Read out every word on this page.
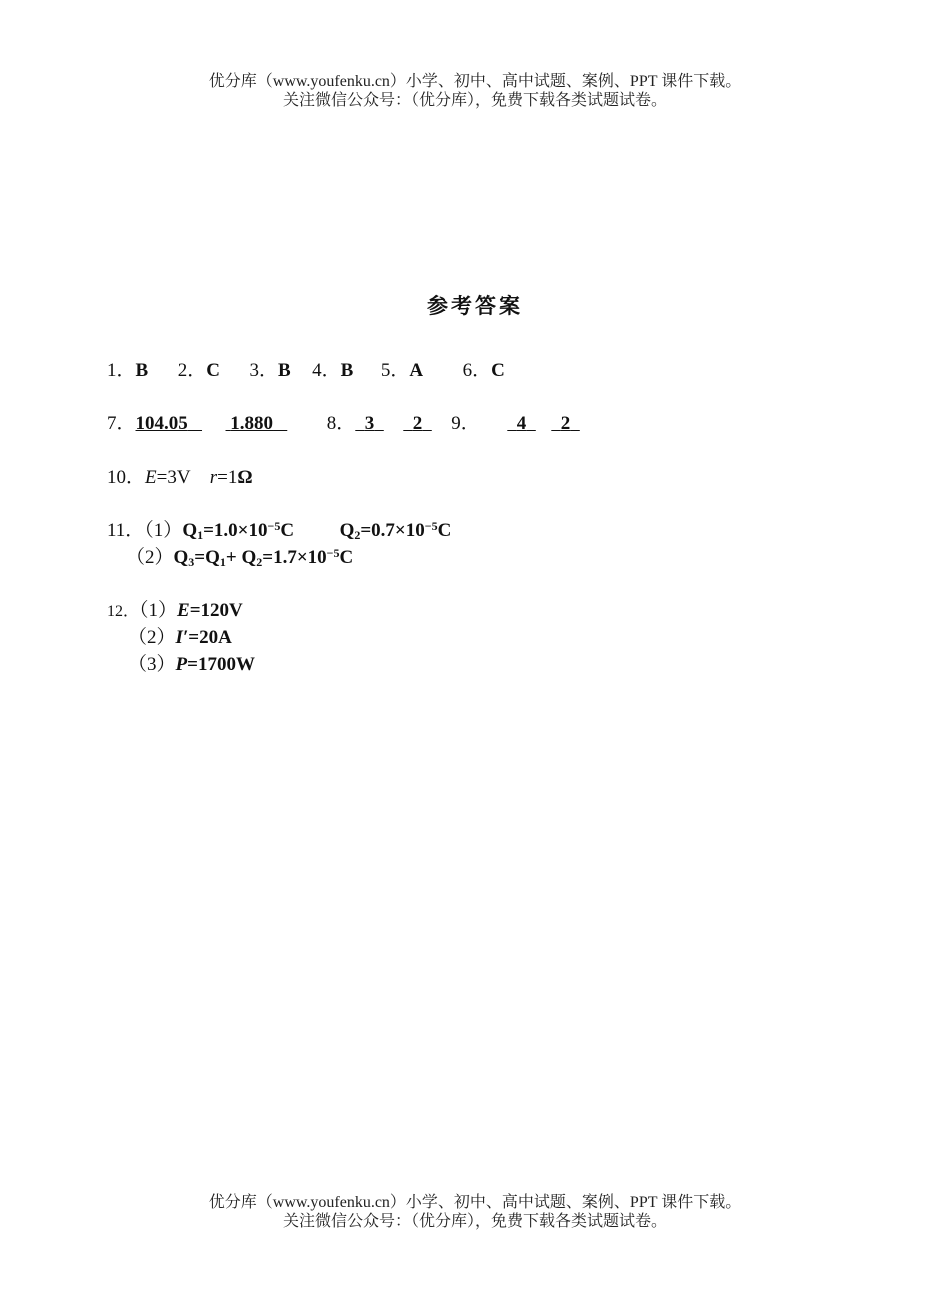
优分库（www.youfenku.cn）小学、初中、高中试题、案例、PPT 课件下载。
关注微信公众号：（优分库），免费下载各类试题试卷。
参考答案
1．B 2．C 3．B 4．B 5．A 6．C
7．104.05 1.880	8． 3 2 9． 4 2
10．E=3V r=1Ω
11．$(1)Q_1=1.0\times 10^{-5}C$ $Q_2=0.7\times 10^{-5}C$
$(2)Q_3=Q_1+ Q_2=1.7\times 10^{-5}C$
12．（1）E=120V
（2）I′=20A
（3）P=1700W
优分库（www.youfenku.cn）小学、初中、高中试题、案例、PPT 课件下载。
关注微信公众号：（优分库），免费下载各类试题试卷。
